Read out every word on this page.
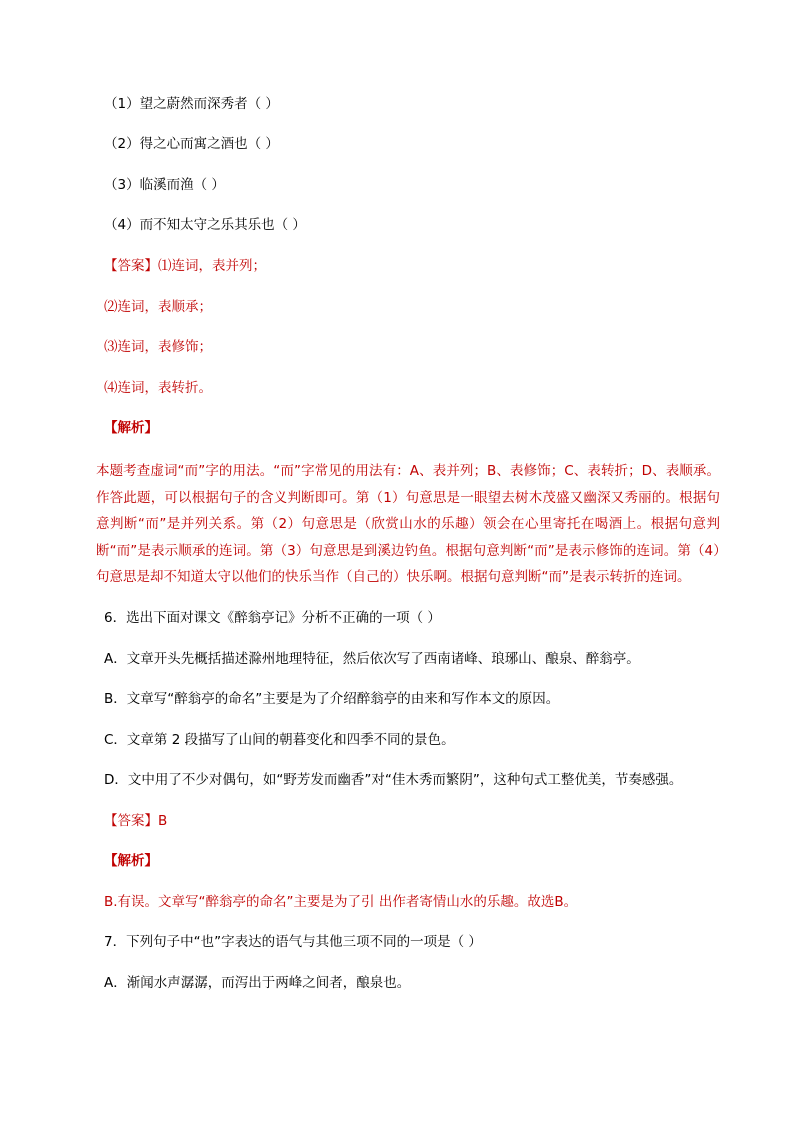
（1）望之蔚然而深秀者（ ）
（2）得之心而寓之酒也（ ）
（3）临溪而渔（ ）
（4）而不知太守之乐其乐也（ ）
【答案】⑴连词，表并列；
⑵连词，表顺承；
⑶连词，表修饰；
⑷连词，表转折。
【解析】
本题考查虚词“而”字的用法。“而”字常见的用法有：A、表并列；B、表修饰；C、表转折；D、表顺承。作答此题，可以根据句子的含义判断即可。第（1）句意思是一眼望去树木茂盛又幽深又秀丽的。根据句意判断“而”是并列关系。第（2）句意思是（欣赏山水的乐趣）领会在心里寄托在喝酒上。根据句意判断“而”是表示顺承的连词。第（3）句意思是到溪边钓鱼。根据句意判断“而”是表示修饰的连词。第（4）句意思是却不知道太守以他们的快乐当作（自己的）快乐啊。根据句意判断“而”是表示转折的连词。
6．选出下面对课文《醉翁亭记》分析不正确的一项（ ）
A．文章开头先概括描述滁州地理特征，然后依次写了西南诸峰、琅琊山、酿泉、醉翁亭。
B．文章写“醉翁亭的命名”主要是为了介绍醉翁亭的由来和写作本文的原因。
C．文章第 2 段描写了山间的朝暮变化和四季不同的景色。
D．文中用了不少对偶句，如“野芳发而幽香”对“佳木秀而繁阴”，这种句式工整优美，节奏感强。
【答案】B
【解析】
B.有误。文章写“醉翁亭的命名”主要是为了引 出作者寄情山水的乐趣。故选B。
7．下列句子中“也”字表达的语气与其他三项不同的一项是（ ）
A．渐闻水声潺潺，而泻出于两峰之间者，酿泉也。
